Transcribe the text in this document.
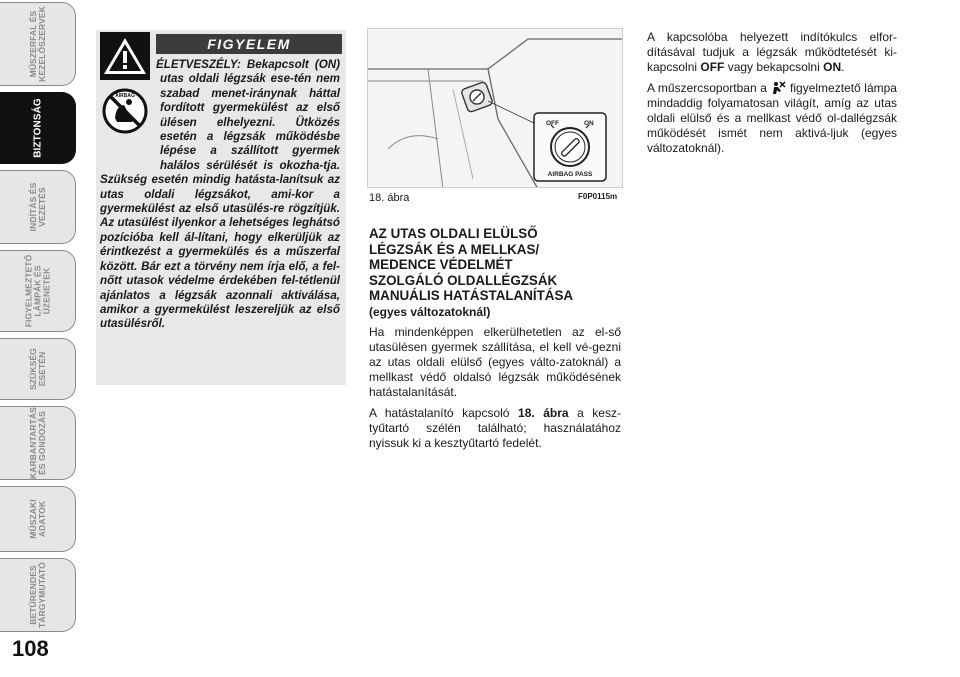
MŰSZERFAL ÉS
KEZELŐSZERVEK
BIZTONSÁG
INDÍTÁS ÉS
VEZETÉS
FIGYELMEZTETŐ
LÁMPÁK ÉS
ÜZENETEK
SZÜKSÉG
ESETÉN
KARBANTARTÁS
ÉS GONDOZÁS
MŰSZAKI
ADATOK
BETŰRENDES
TÁRGYMUTATÓ
108
FIGYELEM
AIRBAG

ÉLETVESZÉLY: Bekapcsolt (ON) utas oldali légzsák ese-tén nem szabad menet-iránynak háttal fordított gyermekülést az első ülésen elhelyezni. Ütközés esetén a légzsák működésbe lépése a szállított gyermek halálos sérülését is okozha-tja. Szükség esetén mindig hatásta-lanítsuk az utas oldali légzsákot, ami-kor a gyermekülést az első utasülés-re rögzítjük. Az utasülést ilyenkor a lehetséges leghátsó pozícióba kell ál-lítani, hogy elkerüljük az érintkezést a gyermekülés és a műszerfal között. Bár ezt a törvény nem írja elő, a fel-nőtt utasok védelme érdekében fel-tétlenül ajánlatos a légzsák azonnali aktiválása, amikor a gyermekülést leszereljük az első utasülésről.

OFF	ON
AIRBAG PASS
18. ábra	F0P0115m
AZ UTAS OLDALI ELÜLSŐ
LÉGZSÁK ÉS A MELLKAS/
MEDENCE VÉDELMÉT
SZOLGÁLÓ OLDALLÉGZSÁK
MANUÁLIS HATÁSTALANÍTÁSA
(egyes változatoknál)

Ha mindenképpen elkerülhetetlen az el-ső utasülésen gyermek szállítása, el kell vé-gezni az utas oldali elülső (egyes válto-zatoknál) a mellkast védő oldalsó légzsák működésének hatástalanítását.

A hatástalanító kapcsoló 18. ábra a kesz-tyűtartó szélén található; használatához nyissuk ki a kesztyűtartó fedelét.

A kapcsolóba helyezett indítókulcs elfor-dításával tudjuk a légzsák működtetését ki-kapcsolni OFF vagy bekapcsolni ON.

A műszercsoportban a  figyelmeztető lámpa mindaddig folyamatosan világít, amíg az utas oldali elülső és a mellkast védő ol-dallégzsák működését ismét nem aktivá-ljuk (egyes változatoknál).
